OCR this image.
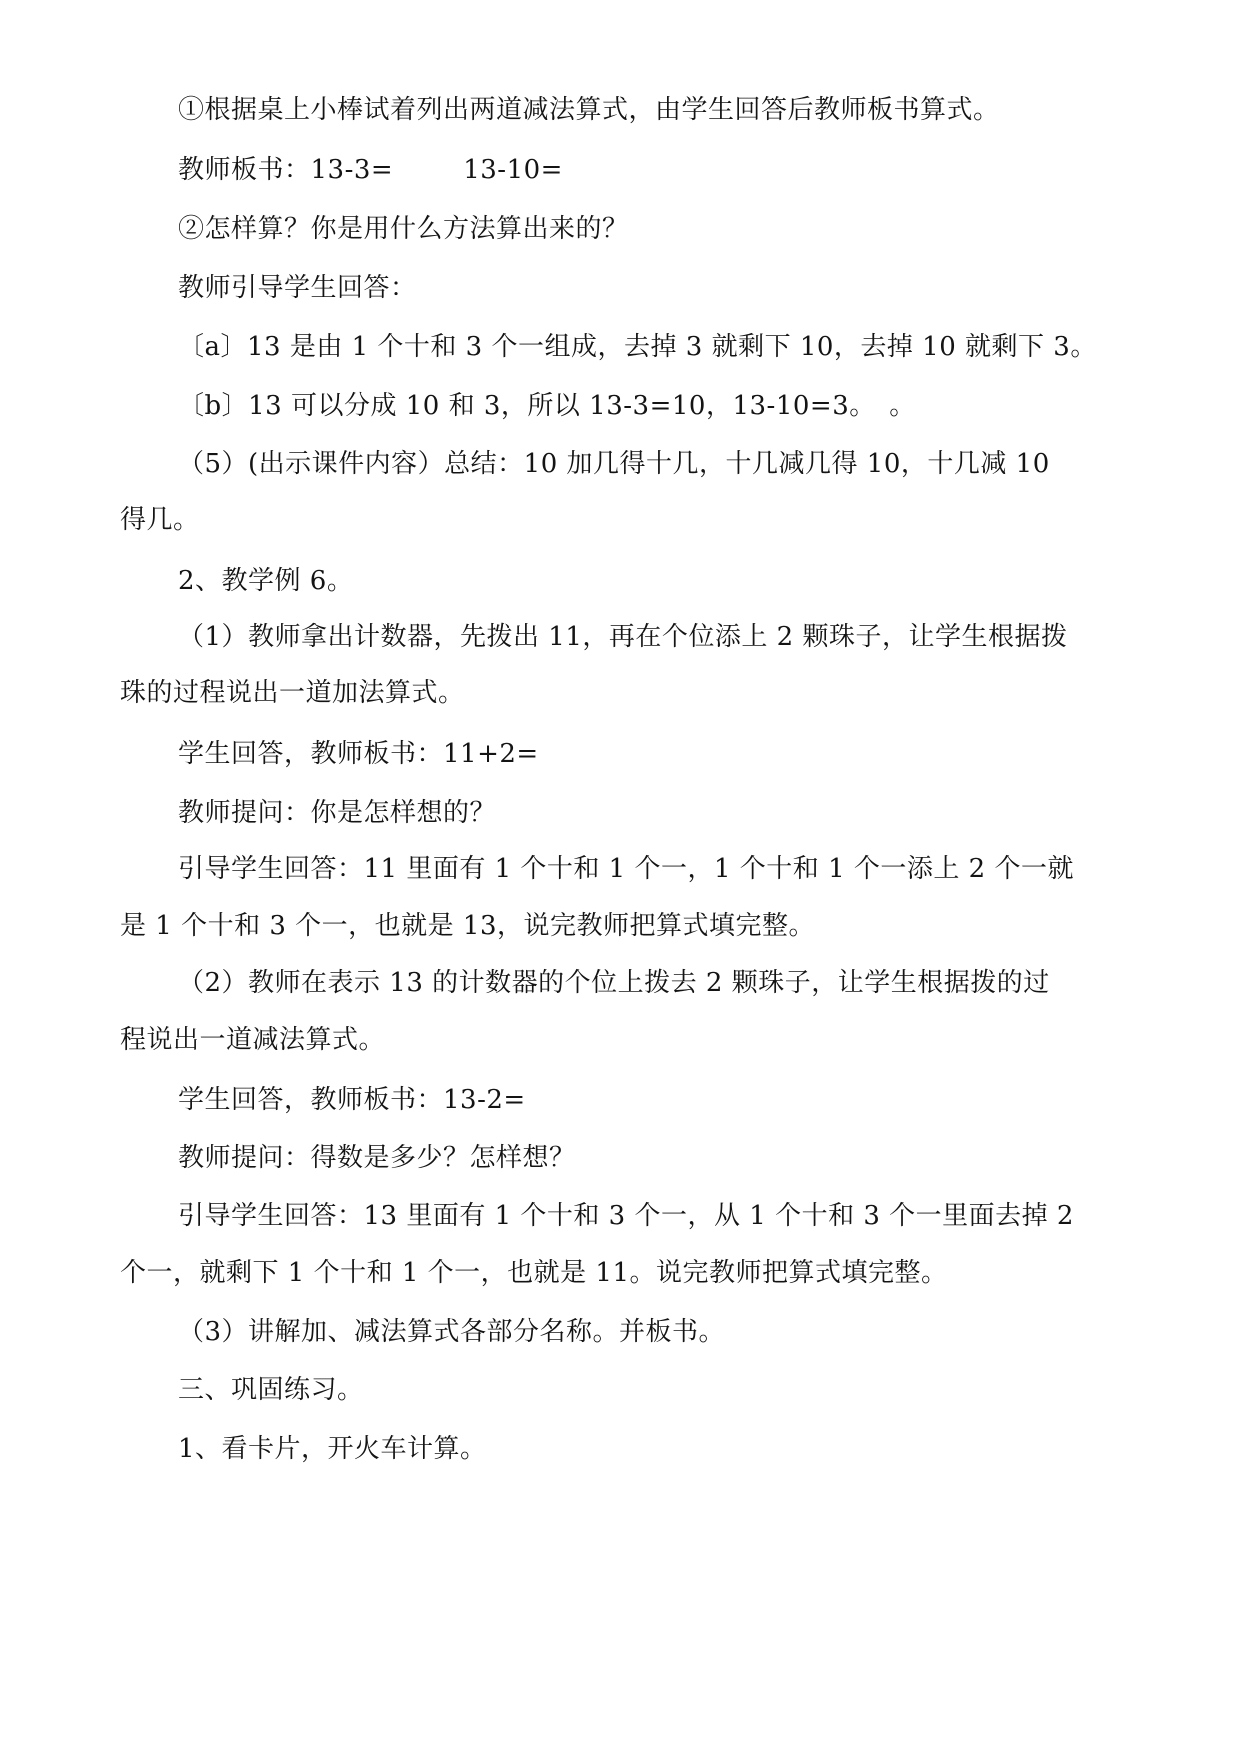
①根据桌上小棒试着列出两道减法算式，由学生回答后教师板书算式。
教师板书：13-3=	13-10=
②怎样算？你是用什么方法算出来的？
教师引导学生回答：
〔a〕13 是由 1 个十和 3 个一组成，去掉 3 就剩下 10，去掉 10 就剩下 3。
〔b〕13 可以分成 10 和 3，所以 13-3=10，13-10=3。　。
（5）(出示课件内容）总结：10 加几得十几，十几减几得 10，十几减 10
得几。
2、教学例 6。
（1）教师拿出计数器，先拨出 11，再在个位添上 2 颗珠子，让学生根据拨
珠的过程说出一道加法算式。
学生回答，教师板书：11+2=
教师提问：你是怎样想的？
引导学生回答：11 里面有 1 个十和 1 个一，1 个十和 1 个一添上 2 个一就
是 1 个十和 3 个一，也就是 13，说完教师把算式填完整。
（2）教师在表示 13 的计数器的个位上拨去 2 颗珠子，让学生根据拨的过
程说出一道减法算式。
学生回答，教师板书：13-2=
教师提问：得数是多少？怎样想？
引导学生回答：13 里面有 1 个十和 3 个一，从 1 个十和 3 个一里面去掉 2
个一，就剩下 1 个十和 1 个一，也就是 11。说完教师把算式填完整。
（3）讲解加、减法算式各部分名称。并板书。
三、巩固练习。
1、看卡片，开火车计算。
